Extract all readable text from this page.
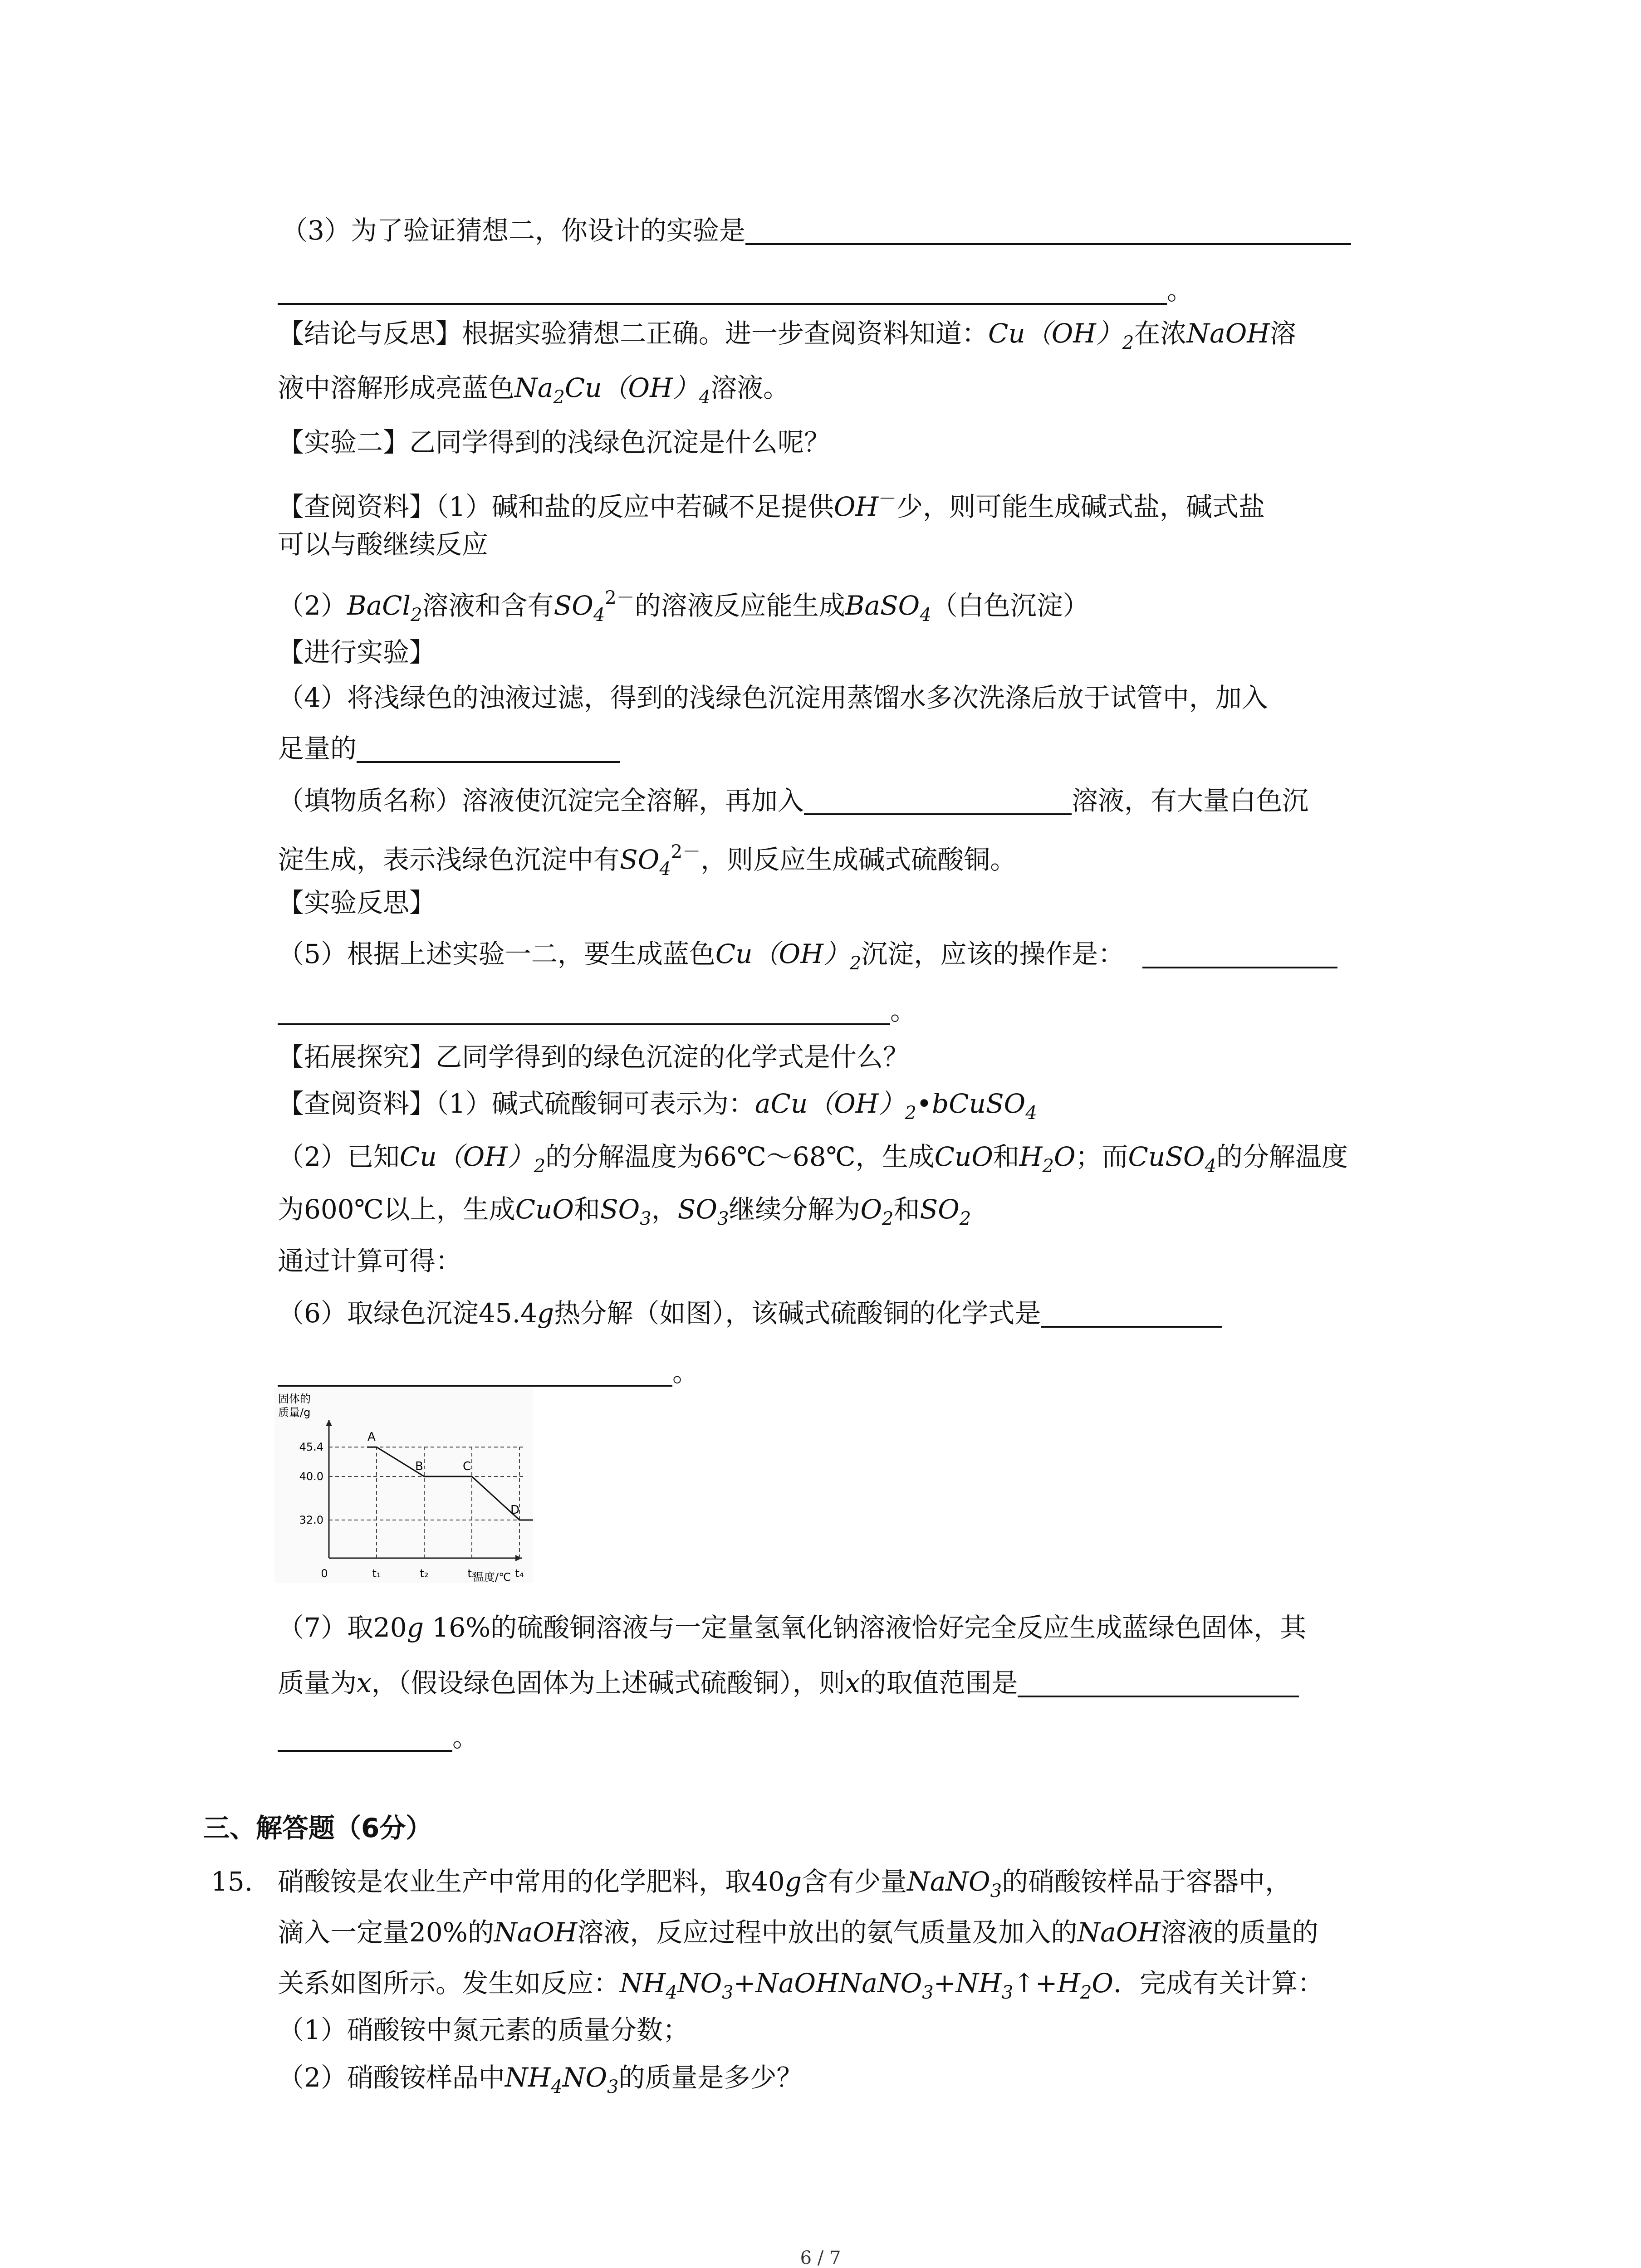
（3）为了验证猜想二，你设计的实验是
。
【结论与反思】根据实验猜想二正确。进一步查阅资料知道：$Cu(OH)_2$在浓NaOH溶
液中溶解形成亮蓝色$Na_2Cu(OH)_4$溶液。
【实验二】乙同学得到的浅绿色沉淀是什么呢？
【查阅资料】（1）碱和盐的反应中若碱不足提供OH－少，则可能生成碱式盐，碱式盐
可以与酸继续反应
（2）BaCl$_2$溶液和含有$SO_4^{2-}$的溶液反应能生成BaSO$_4$（白色沉淀）
【进行实验】
（4）将浅绿色的浊液过滤，得到的浅绿色沉淀用蒸馏水多次洗涤后放于试管中，加入
足量的
（填物质名称）溶液使沉淀完全溶解，再加入	溶液，有大量白色沉
淀生成，表示浅绿色沉淀中有$SO_4^{2-}$，则反应生成碱式硫酸铜。
【实验反思】
（5）根据上述实验一二，要生成蓝色$Cu(OH)_2$沉淀，应该的操作是：
。
【拓展探究】乙同学得到的绿色沉淀的化学式是什么？
【查阅资料】（1）碱式硫酸铜可表示为：$aCu(OH)_2•bCuSO_4$
（2）已知$Cu(OH)_2$的分解温度为66℃～68℃，生成CuO和$H_2O$；而CuSO$_4$的分解温度
为600℃以上，生成CuO和$SO_3$，$SO_3$继续分解为$O_2$和$SO_2$
通过计算可得：
（6）取绿色沉淀45.4g热分解（如图），该碱式硫酸铜的化学式是
。
固体的
质量/g
温度/℃
45.4
40.0
32.0
0	t₁	t₂	t₃	t₄
A
B	C
D
（7）取20g 16%的硫酸铜溶液与一定量氢氧化钠溶液恰好完全反应生成蓝绿色固体，其
质量为x，（假设绿色固体为上述碱式硫酸铜），则x的取值范围是
。
三、解答题（6分）
15. 硝酸铵是农业生产中常用的化学肥料，取40g含有少量NaNO$_3$的硝酸铵样品于容器中，
滴入一定量20%的NaOH溶液，反应过程中放出的氨气质量及加入的NaOH溶液的质量的
关系如图所示。发生如反应：$NH_4NO_3+NaOHNaNO_3+NH_3↑+H_2O$．完成有关计算：
（1）硝酸铵中氮元素的质量分数；
（2）硝酸铵样品中$NH_4NO_3$的质量是多少？
6 / 7
